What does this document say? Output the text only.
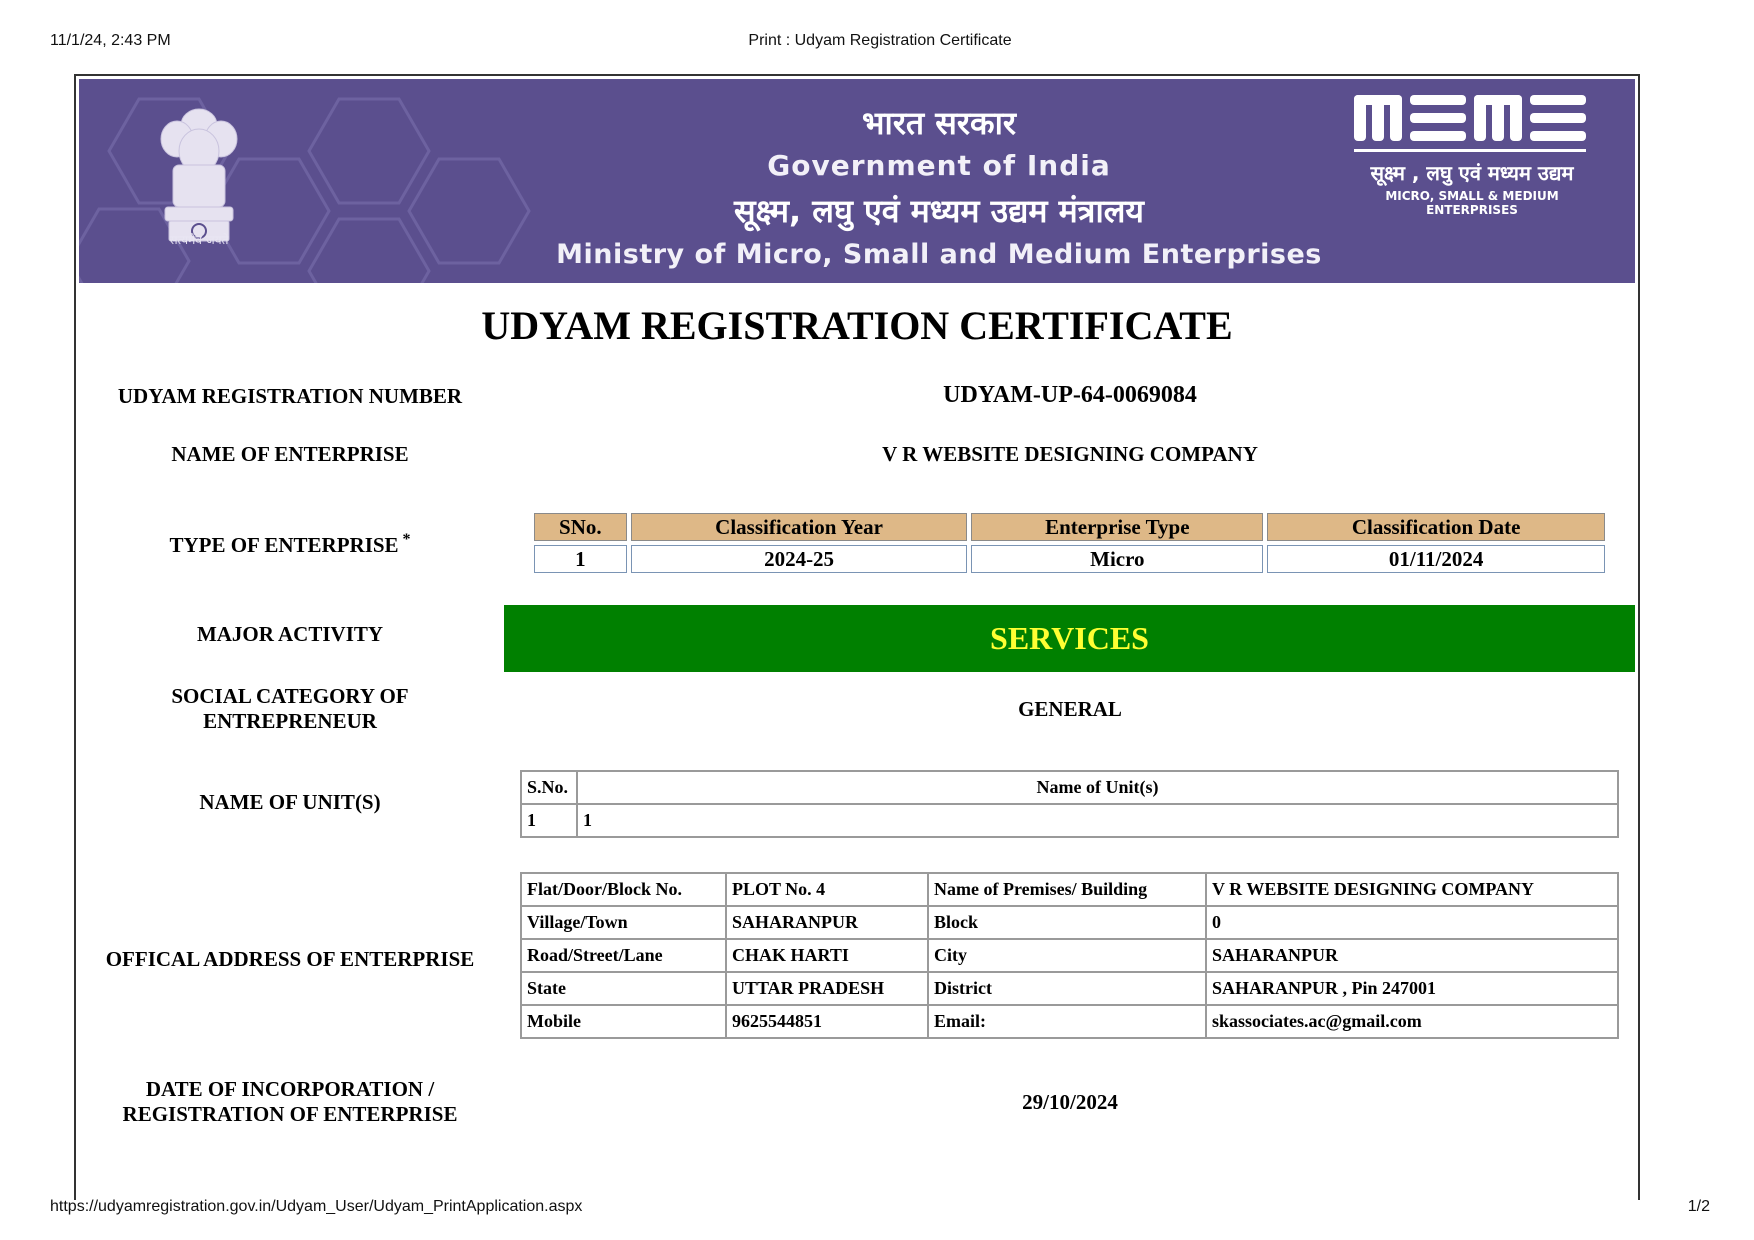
11/1/24, 2:43 PM	Print : Udyam Registration Certificate
सत्यमेव जयते
भारत सरकार
Government of India
सूक्ष्म, लघु एवं मध्यम उद्यम मंत्रालय
Ministry of Micro, Small and Medium Enterprises
सूक्ष्म , लघु एवं मध्यम उद्यम
MICRO, SMALL & MEDIUM ENTERPRISES
UDYAM REGISTRATION CERTIFICATE
UDYAM REGISTRATION NUMBER	UDYAM-UP-64-0069084
NAME OF ENTERPRISE	V R WEBSITE DESIGNING COMPANY
TYPE OF ENTERPRISE *
SNo.	Classification Year	Enterprise Type	Classification Date
1	2024-25	Micro	01/11/2024
MAJOR ACTIVITY	SERVICES
SOCIAL CATEGORY OF
ENTREPRENEUR	GENERAL
NAME OF UNIT(S)
S.No.	Name of Unit(s)
1	1
OFFICAL ADDRESS OF ENTERPRISE
Flat/Door/Block No.	PLOT No. 4	Name of Premises/ Building	V R WEBSITE DESIGNING COMPANY
Village/Town	SAHARANPUR	Block	0
Road/Street/Lane	CHAK HARTI	City	SAHARANPUR
State	UTTAR PRADESH	District	SAHARANPUR , Pin 247001
Mobile	9625544851	Email:	skassociates.ac@gmail.com
DATE OF INCORPORATION /
REGISTRATION OF ENTERPRISE	29/10/2024
https://udyamregistration.gov.in/Udyam_User/Udyam_PrintApplication.aspx	1/2
